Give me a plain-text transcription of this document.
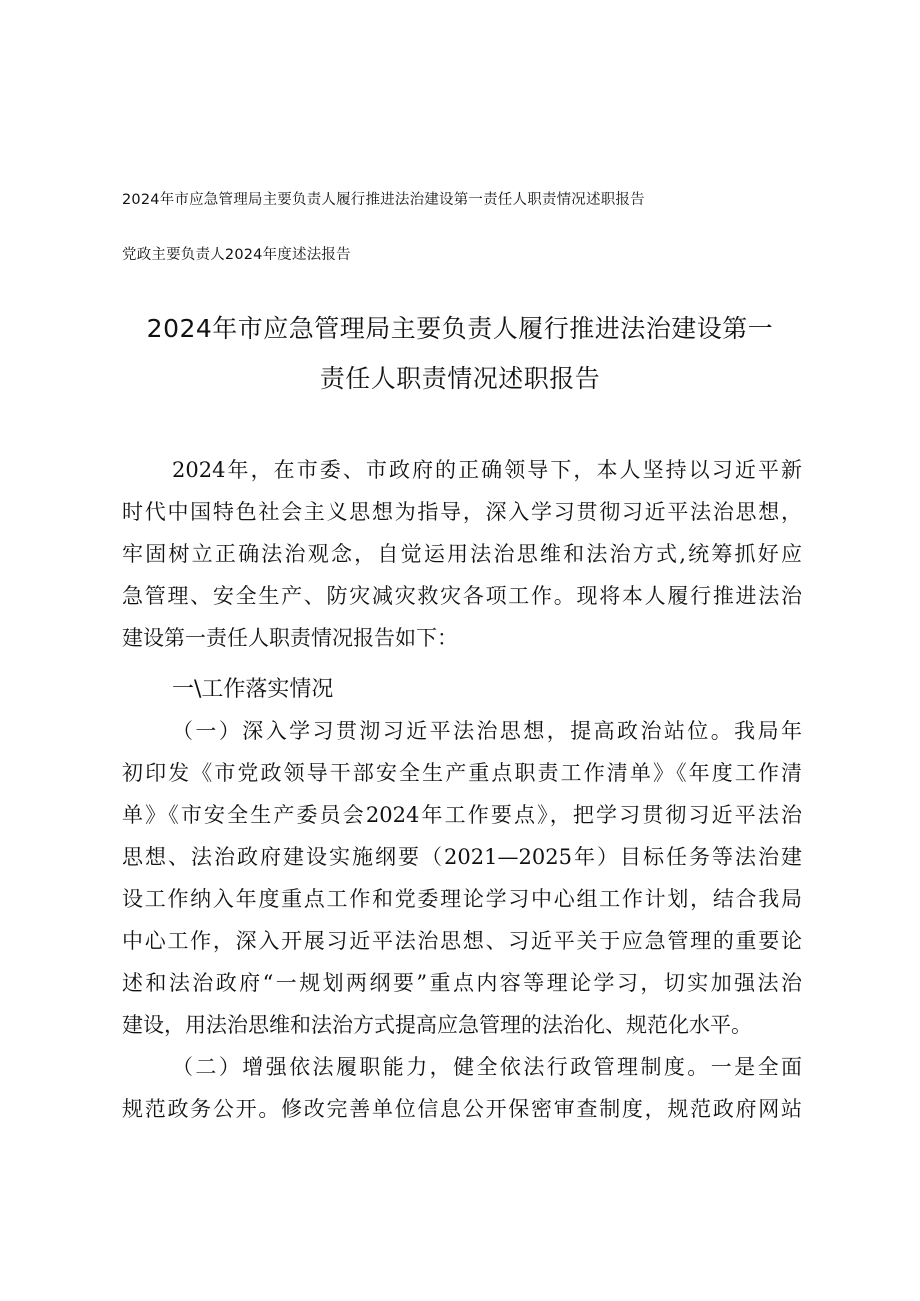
2024年市应急管理局主要负责人履行推进法治建设第一责任人职责情况述职报告
党政主要负责人2024年度述法报告
2024年市应急管理局主要负责人履行推进法治建设第一
责任人职责情况述职报告
2024年，在市委、市政府的正确领导下，本人坚持以习近平新
时代中国特色社会主义思想为指导，深入学习贯彻习近平法治思想，
牢固树立正确法治观念，自觉运用法治思维和法治方式,统筹抓好应
急管理、安全生产、防灾减灾救灾各项工作。现将本人履行推进法治
建设第一责任人职责情况报告如下：
一\工作落实情况
（一）深入学习贯沏习近平法治思想，提高政治站位。我局年
初印发《市党政领导干部安全生产重点职责工作清单》《年度工作清
单》《市安全生产委员会2024年工作要点》，把学习贯彻习近平法治
思想、法治政府建设实施纲要（2021—2025年）目标任务等法治建
设工作纳入年度重点工作和党委理论学习中心组工作计划，结合我局
中心工作，深入开展习近平法治思想、习近平关于应急管理的重要论
述和法治政府“一规划两纲要”重点内容等理论学习，切实加强法治
建设，用法治思维和法治方式提高应急管理的法治化、规范化水平。
（二）增强依法履职能力，健全依法行政管理制度。一是全面
规范政务公开。修改完善单位信息公开保密审查制度，规范政府网站
